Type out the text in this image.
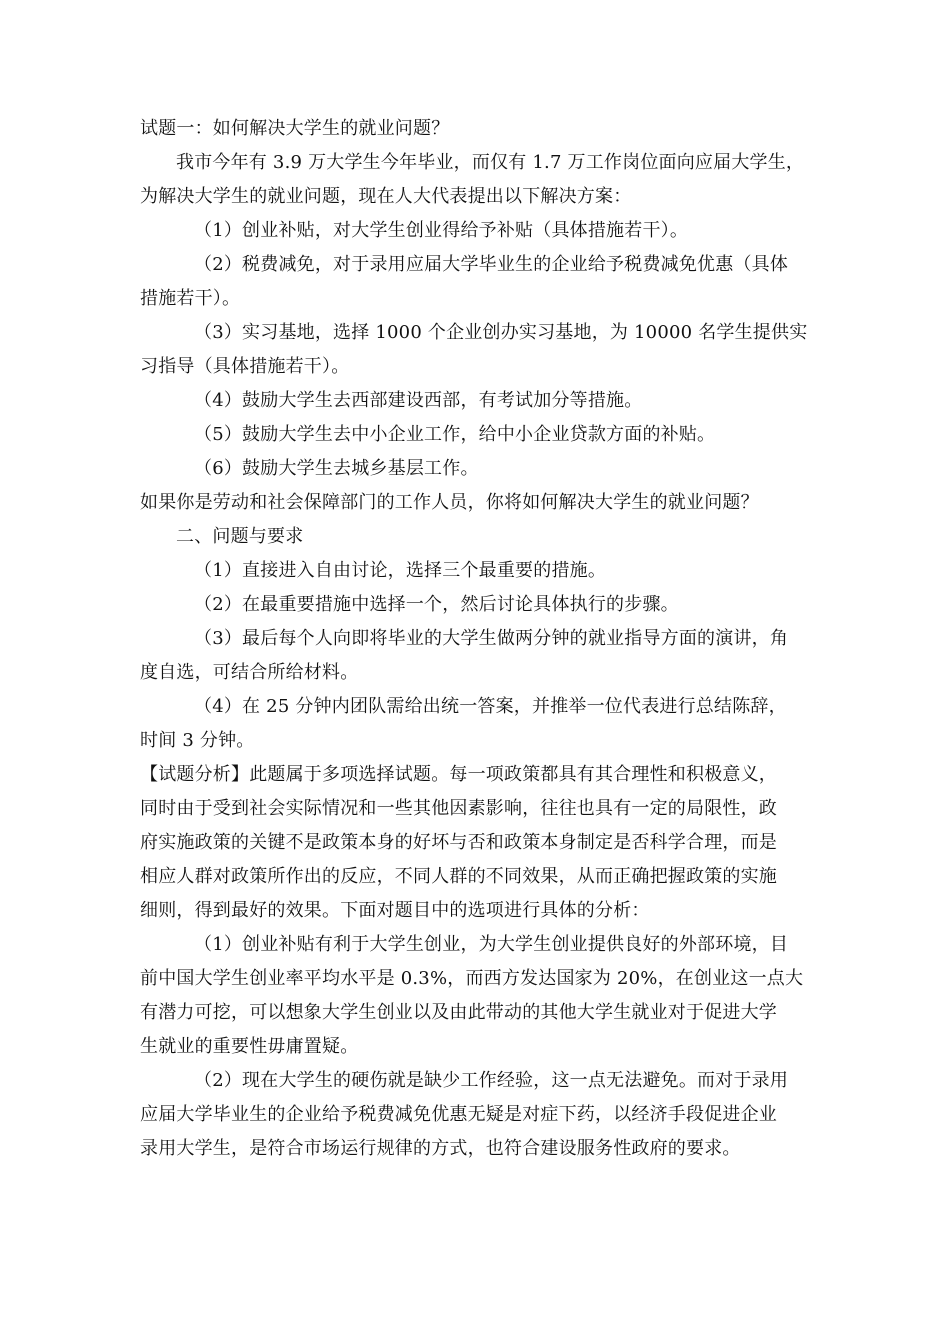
试题一：如何解决大学生的就业问题？
我市今年有 3.9 万大学生今年毕业，而仅有 1.7 万工作岗位面向应届大学生，
为解决大学生的就业问题，现在人大代表提出以下解决方案：
（1）创业补贴，对大学生创业得给予补贴（具体措施若干）。
（2）税费减免，对于录用应届大学毕业生的企业给予税费减免优惠（具体
措施若干）。
（3）实习基地，选择 1000 个企业创办实习基地，为 10000 名学生提供实
习指导（具体措施若干）。
（4）鼓励大学生去西部建设西部，有考试加分等措施。
（5）鼓励大学生去中小企业工作，给中小企业贷款方面的补贴。
（6）鼓励大学生去城乡基层工作。
如果你是劳动和社会保障部门的工作人员，你将如何解决大学生的就业问题？
二、问题与要求
（1）直接进入自由讨论，选择三个最重要的措施。
（2）在最重要措施中选择一个，然后讨论具体执行的步骤。
（3）最后每个人向即将毕业的大学生做两分钟的就业指导方面的演讲，角
度自选，可结合所给材料。
（4）在 25 分钟内团队需给出统一答案，并推举一位代表进行总结陈辞，
时间 3 分钟。
【试题分析】此题属于多项选择试题。每一项政策都具有其合理性和积极意义，
同时由于受到社会实际情况和一些其他因素影响，往往也具有一定的局限性，政
府实施政策的关键不是政策本身的好坏与否和政策本身制定是否科学合理，而是
相应人群对政策所作出的反应，不同人群的不同效果，从而正确把握政策的实施
细则，得到最好的效果。下面对题目中的选项进行具体的分析：
（1）创业补贴有利于大学生创业，为大学生创业提供良好的外部环境，目
前中国大学生创业率平均水平是 0.3%，而西方发达国家为 20%，在创业这一点大
有潜力可挖，可以想象大学生创业以及由此带动的其他大学生就业对于促进大学
生就业的重要性毋庸置疑。
（2）现在大学生的硬伤就是缺少工作经验，这一点无法避免。而对于录用
应届大学毕业生的企业给予税费减免优惠无疑是对症下药，以经济手段促进企业
录用大学生，是符合市场运行规律的方式，也符合建设服务性政府的要求。
